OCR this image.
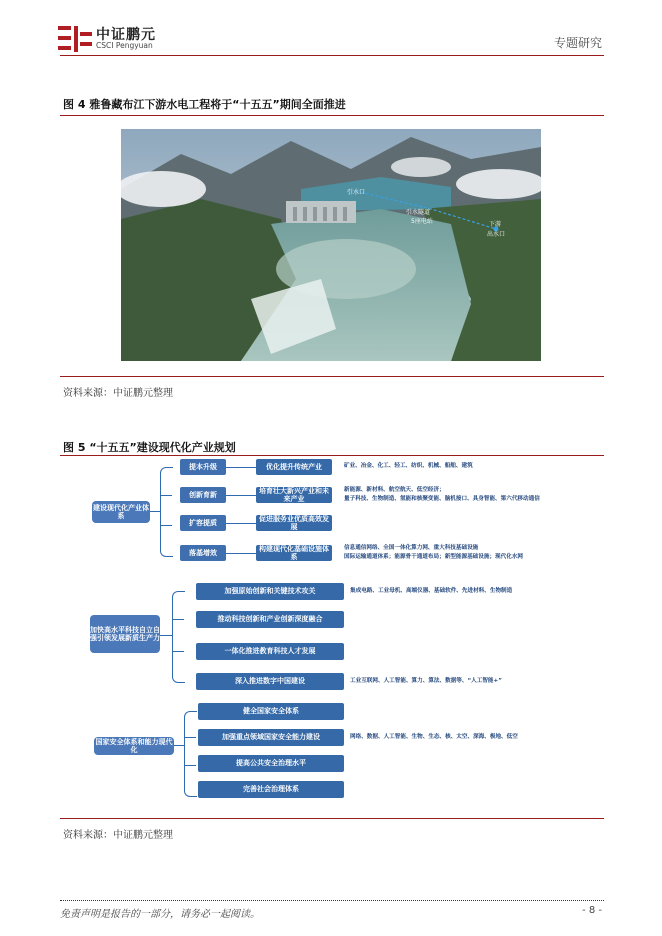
中证鹏元
CSCI Pengyuan	专题研究
图 4 雅鲁藏布江下游水电工程将于“十五五”期间全面推进
引水口
引水隧道
5座电站	下游
出水口
资料来源：中证鹏元整理
图 5 “十五五”建设现代化产业规划
建设现代化产业体系
提本升级	优化提升传统产业	矿业、冶金、化工、轻工、纺织、机械、船舶、建筑
创新育新
培育壮大新兴产业和未来产业
新能源、新材料、航空航天、低空经济；
量子科技、生物制造、氢能和核聚变能、脑机接口、具身智能、第六代移动通信
扩容提质
促进服务业优质高效发展
落基增效
构建现代化基础设施体系
信息通信网络、全国一体化算力网、重大科技基础设施
国际运输通道体系；能源骨干通道布局；新型能源基础设施；现代化水网
加快高水平科技自立自强引领发展新质生产力
加强原始创新和关键技术攻关	集成电路、工业母机、高端仪器、基础软件、先进材料、生物制造
推动科技创新和产业创新深度融合
一体化推进教育科技人才发展
深入推进数字中国建设	工业互联网、人工智能、算力、算法、数据等、“人工智能+”
国家安全体系和能力现代化
健全国家安全体系
加强重点领域国家安全能力建设	网络、数据、人工智能、生物、生态、核、太空、深海、极地、低空
提高公共安全治理水平
完善社会治理体系
资料来源：中证鹏元整理
免责声明是报告的一部分，请务必一起阅读。	- 8 -
